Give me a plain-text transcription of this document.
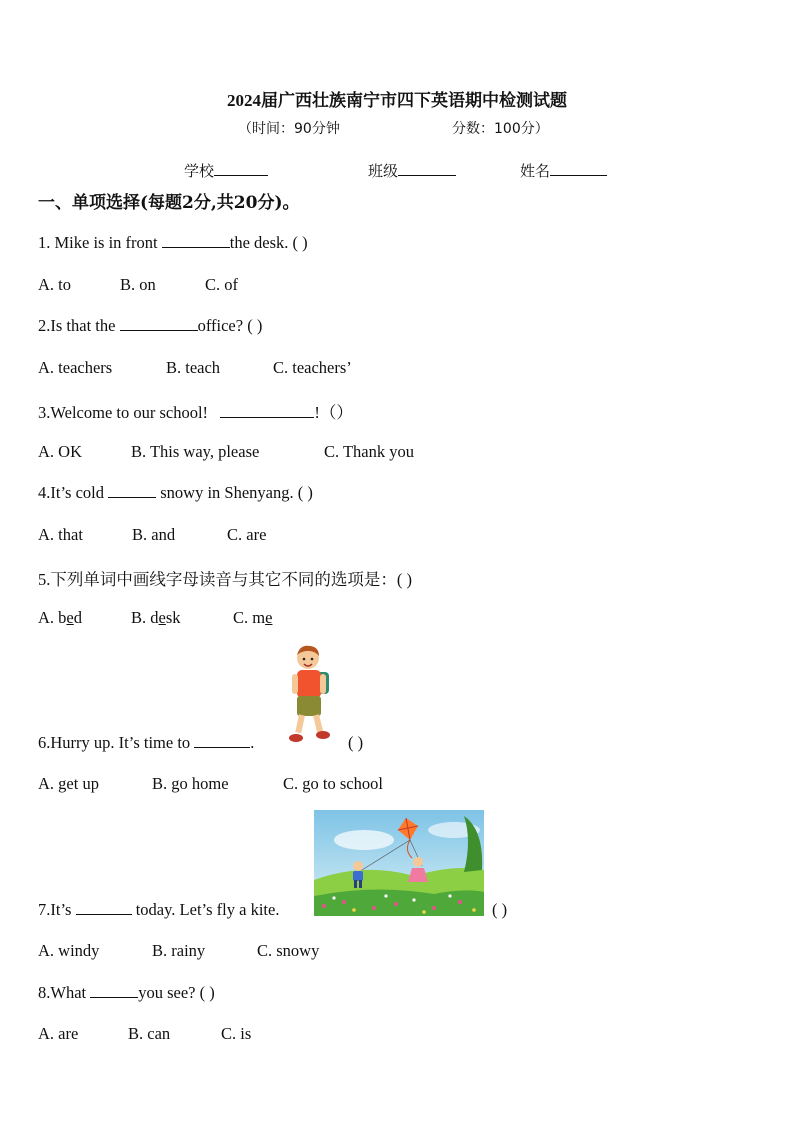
2024届广西壮族南宁市四下英语期中检测试题
（时间：90分钟	分数：100分）
学校	班级	姓名
一、单项选择(每题2分,共20分)。
1. Mike is in front	the desk. ( )
A. to	B. on	C. of
2.Is that the	office? ( )
A. teachers	B. teach	C. teachers’
3.Welcome to our school!	!（）
A. OK	B. This way, please	C. Thank you
4.It’s cold	snowy in Shenyang. ( )
A. that	B. and	C. are
5.下列单词中画线字母读音与其它不同的选项是：( )
A. bed	B. desk	C. me
6.Hurry up. It’s time to	.	( )
A. get up	B. go home	C. go to school
7.It’s	today. Let’s fly a kite.	( )
A. windy	B. rainy	C. snowy
8.What	you see? ( )
A. are	B. can	C. is
